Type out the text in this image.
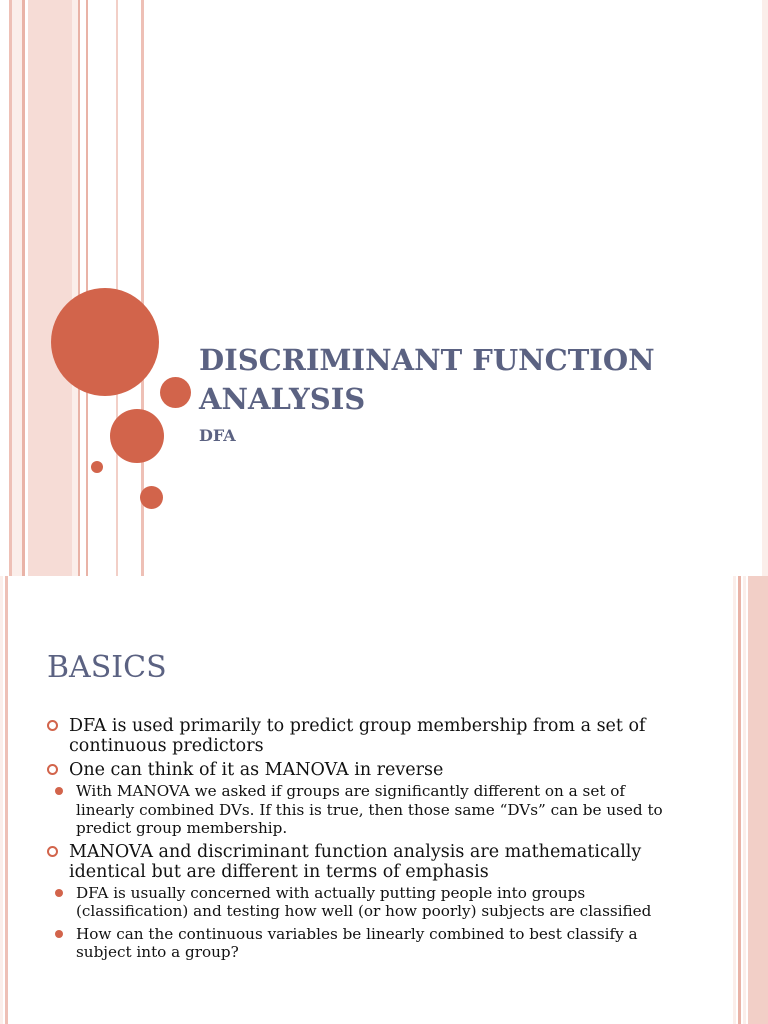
DISCRIMINANT FUNCTION ANALYSIS

DFA

BASICS
DFA is used primarily to predict group membership from a set of continuous predictors
One can think of it as MANOVA in reverse
With MANOVA we asked if groups are significantly different on a set of linearly combined DVs. If this is true, then those same “DVs” can be used to predict group membership.
MANOVA and discriminant function analysis are mathematically identical but are different in terms of emphasis
DFA is usually concerned with actually putting people into groups (classification) and testing how well (or how poorly) subjects are classified
How can the continuous variables be linearly combined to best classify a subject into a group?
